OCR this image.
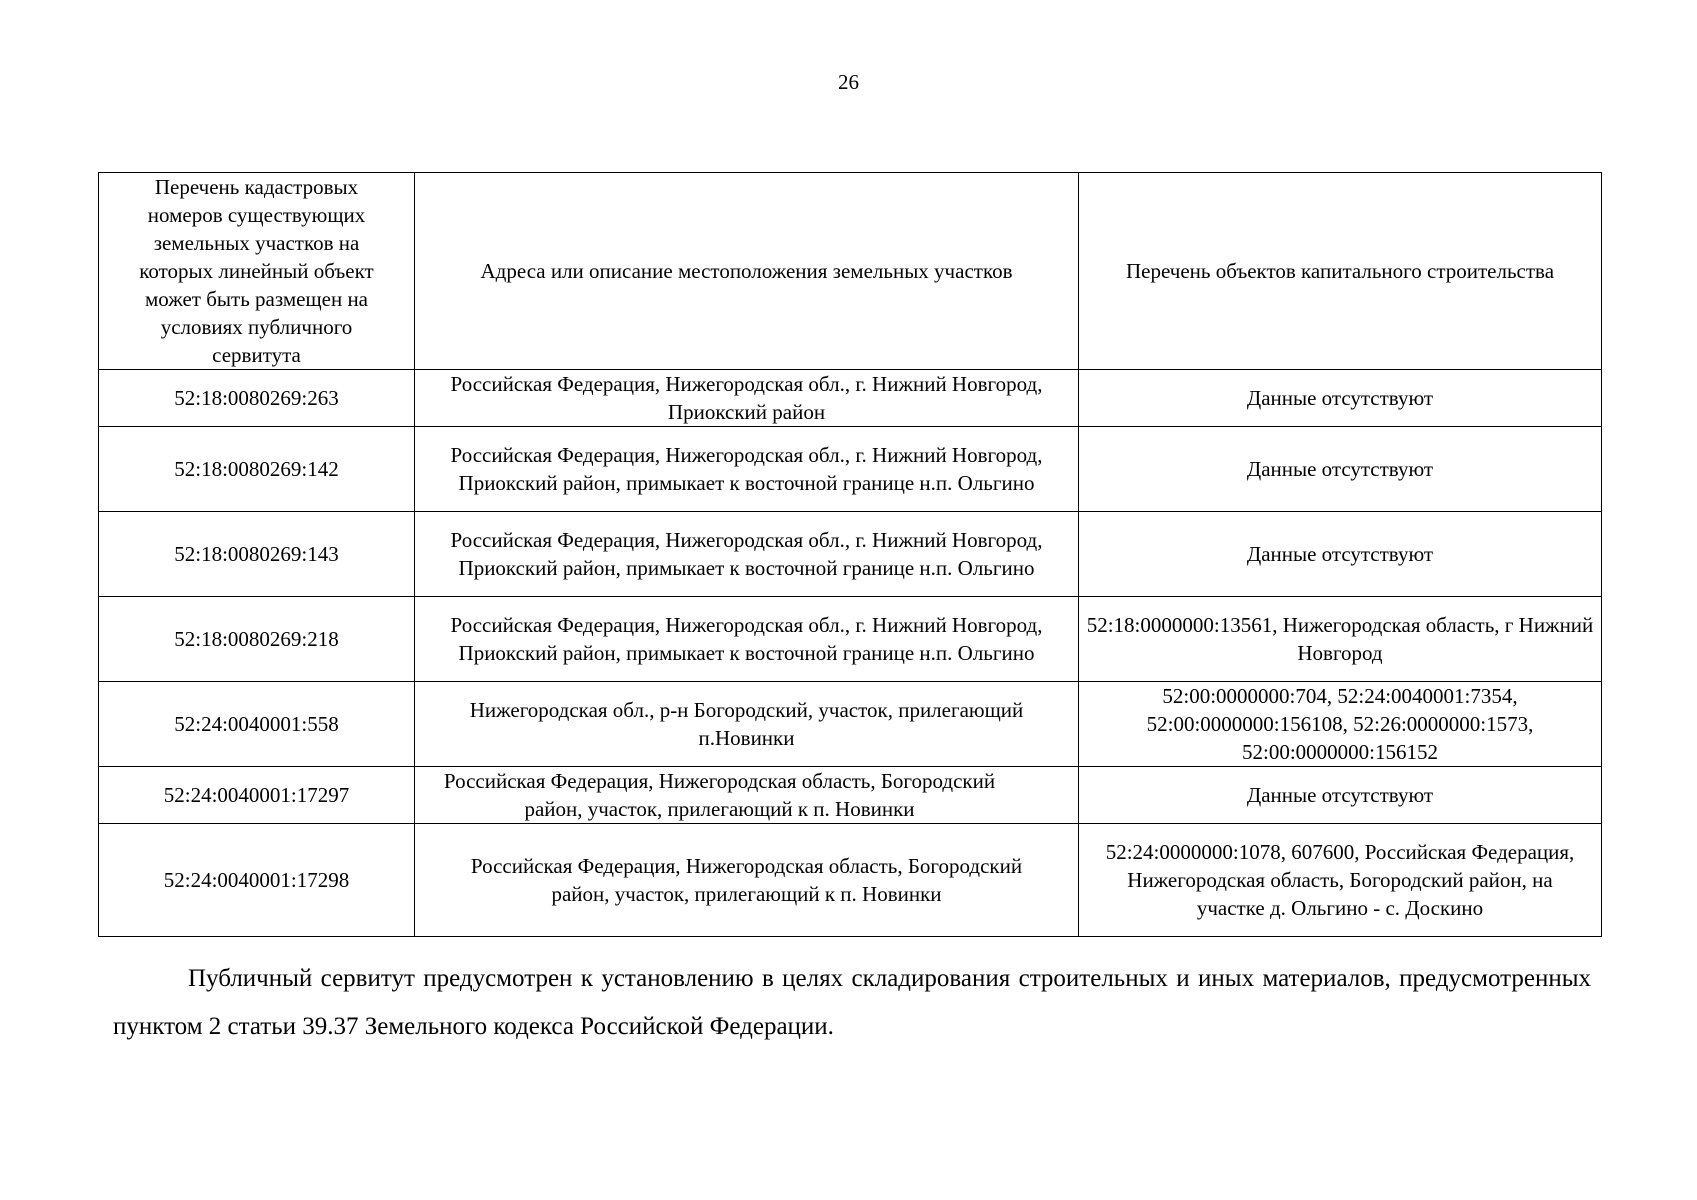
26
Перечень кадастровых номеров существующих земельных участков на которых линейный объект может быть размещен на условиях публичного сервитута	Адреса или описание местоположения земельных участков	Перечень объектов капитального строительства
52:18:0080269:263	Российская Федерация, Нижегородская обл., г. Нижний Новгород, Приокский район	Данные отсутствуют
52:18:0080269:142	Российская Федерация, Нижегородская обл., г. Нижний Новгород, Приокский район, примыкает к восточной границе н.п. Ольгино	Данные отсутствуют
52:18:0080269:143	Российская Федерация, Нижегородская обл., г. Нижний Новгород, Приокский район, примыкает к восточной границе н.п. Ольгино	Данные отсутствуют
52:18:0080269:218	Российская Федерация, Нижегородская обл., г. Нижний Новгород, Приокский район, примыкает к восточной границе н.п. Ольгино	52:18:0000000:13561, Нижегородская область, г Нижний Новгород
52:24:0040001:558	Нижегородская обл., р-н Богородский, участок, прилегающий п.Новинки	52:00:0000000:704, 52:24:0040001:7354, 52:00:0000000:156108, 52:26:0000000:1573, 52:00:0000000:156152
52:24:0040001:17297	Российская Федерация, Нижегородская область, Богородский район, участок, прилегающий к п. Новинки	Данные отсутствуют
52:24:0040001:17298	Российская Федерация, Нижегородская область, Богородский район, участок, прилегающий к п. Новинки	52:24:0000000:1078, 607600, Российская Федерация, Нижегородская область, Богородский район, на участке д. Ольгино - с. Доскино

Публичный сервитут предусмотрен к установлению в целях складирования строительных и иных материалов, предусмотренных пунктом 2 статьи 39.37 Земельного кодекса Российской Федерации.
